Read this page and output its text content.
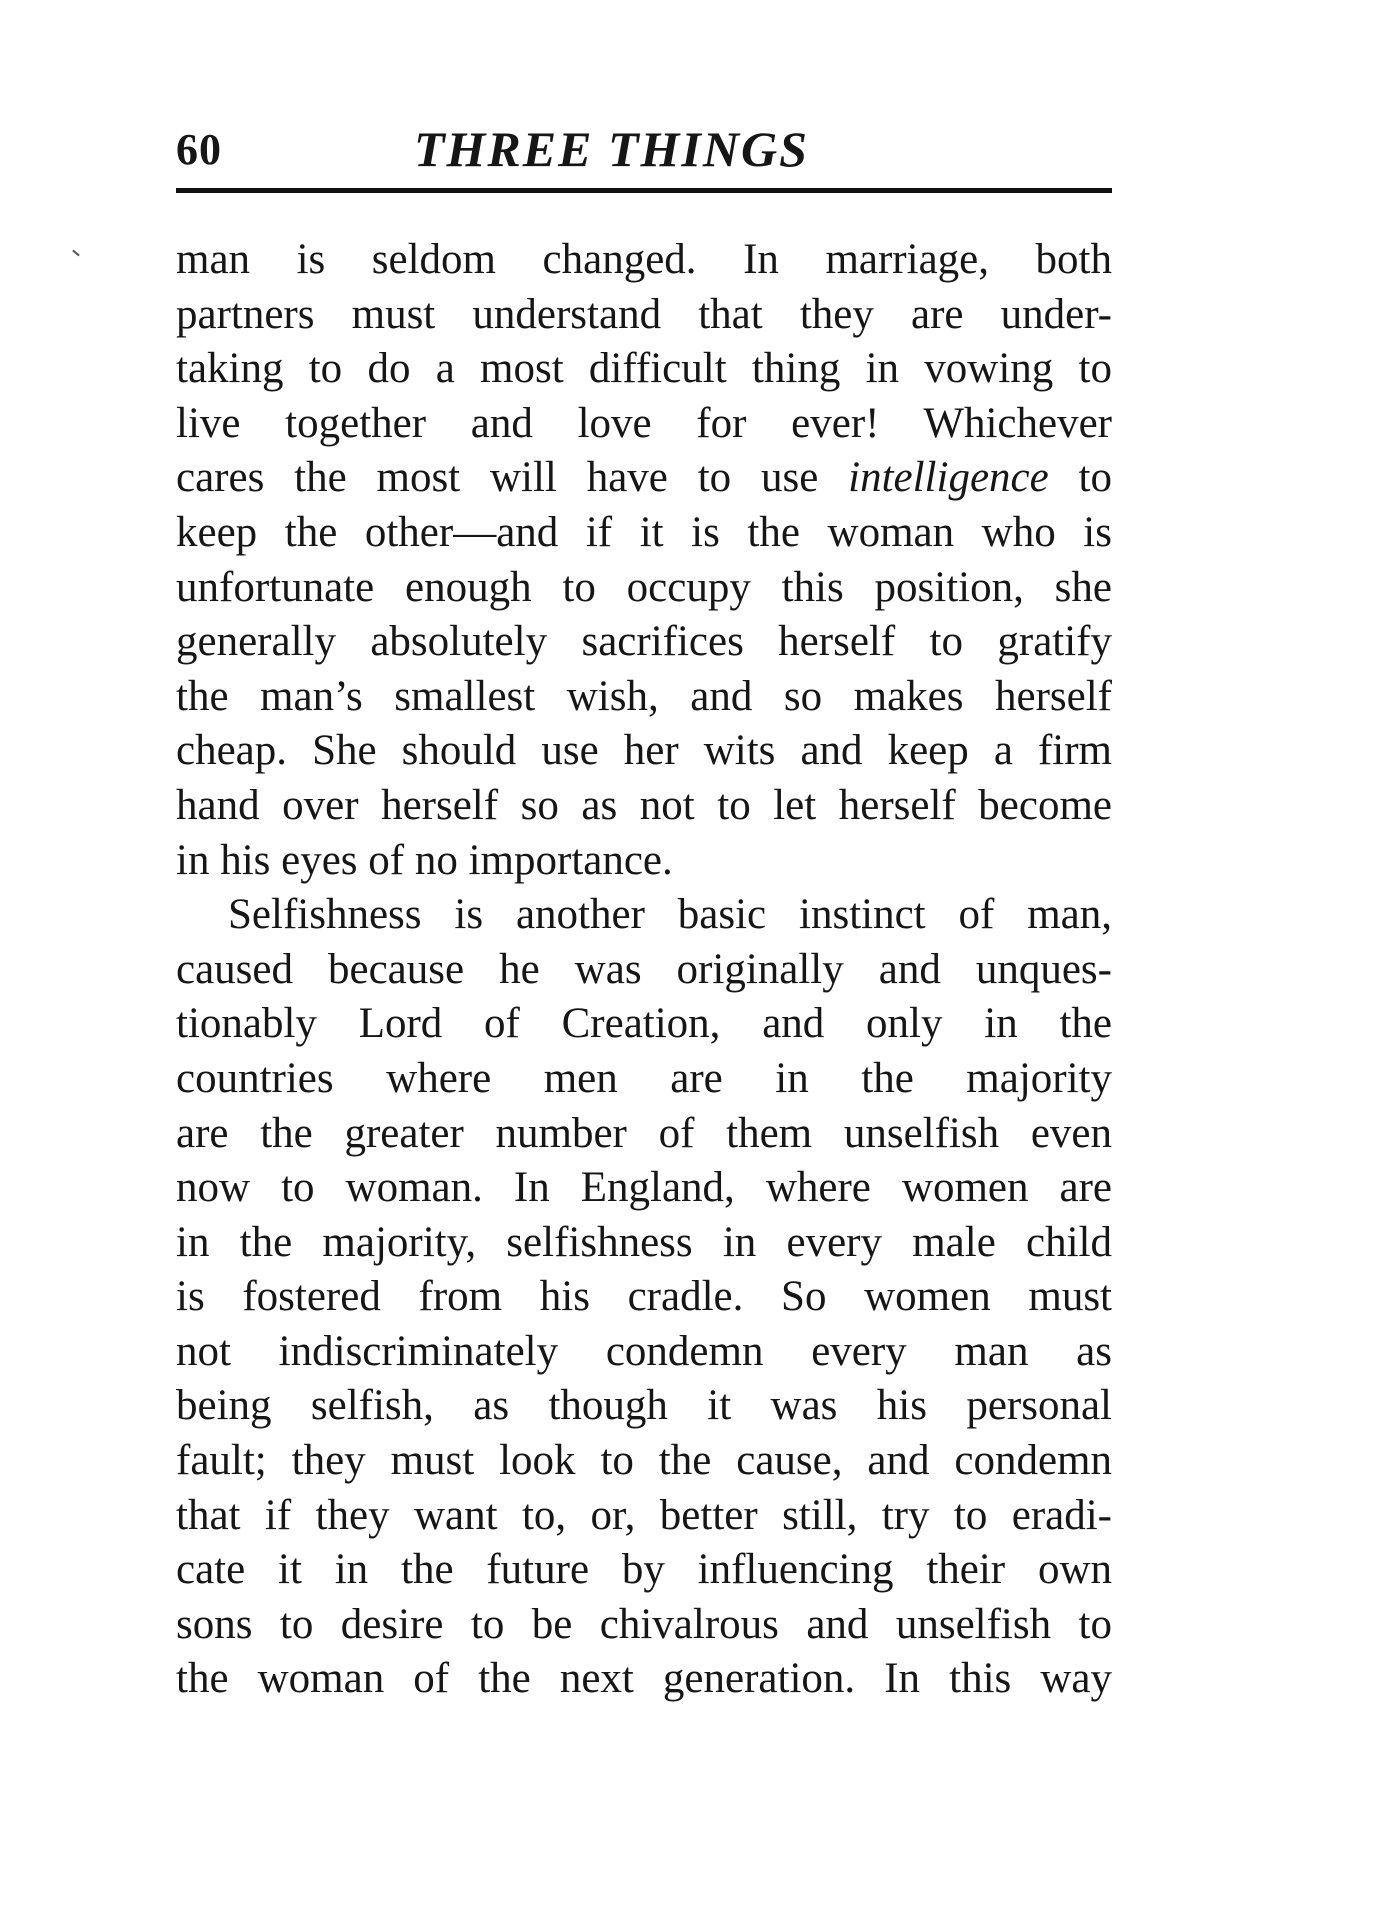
60	THREE THINGS
man is seldom changed. In marriage, both
partners must understand that they are under-
taking to do a most difficult thing in vowing to
live together and love for ever! Whichever
cares the most will have to use intelligence to
keep the other—and if it is the woman who is
unfortunate enough to occupy this position, she
generally absolutely sacrifices herself to gratify
the man’s smallest wish, and so makes herself
cheap. She should use her wits and keep a firm
hand over herself so as not to let herself become
in his eyes of no importance.
Selfishness is another basic instinct of man,
caused because he was originally and unques-
tionably Lord of Creation, and only in the
countries where men are in the majority
are the greater number of them unselfish even
now to woman. In England, where women are
in the majority, selfishness in every male child
is fostered from his cradle. So women must
not indiscriminately condemn every man as
being selfish, as though it was his personal
fault; they must look to the cause, and condemn
that if they want to, or, better still, try to eradi-
cate it in the future by influencing their own
sons to desire to be chivalrous and unselfish to
the woman of the next generation. In this way
